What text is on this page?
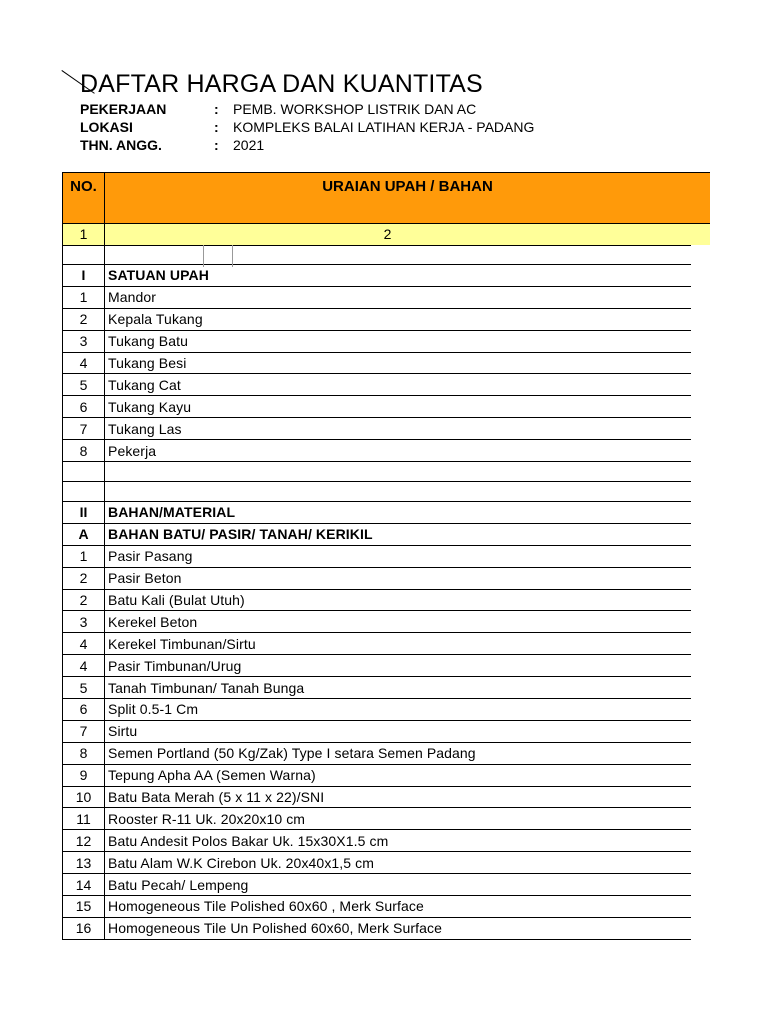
DAFTAR HARGA DAN KUANTITAS
PEKERJAAN	:	PEMB. WORKSHOP LISTRIK DAN AC
LOKASI	:	KOMPLEKS BALAI LATIHAN KERJA - PADANG
THN. ANGG.	:	2021
NO.	URAIAN UPAH / BAHAN
1	2
I	SATUAN UPAH
1	Mandor
2	Kepala Tukang
3	Tukang Batu
4	Tukang Besi
5	Tukang Cat
6	Tukang Kayu
7	Tukang Las
8	Pekerja
II	BAHAN/MATERIAL
A	BAHAN BATU/ PASIR/ TANAH/ KERIKIL
1	Pasir Pasang
2	Pasir Beton
2	Batu Kali (Bulat Utuh)
3	Kerekel Beton
4	Kerekel Timbunan/Sirtu
4	Pasir Timbunan/Urug
5	Tanah Timbunan/ Tanah Bunga
6	Split 0.5-1 Cm
7	Sirtu
8	Semen Portland (50 Kg/Zak) Type I setara Semen Padang
9	Tepung Apha AA (Semen Warna)
10	Batu Bata Merah (5 x 11 x 22)/SNI
11	Rooster R-11 Uk. 20x20x10 cm
12	Batu Andesit Polos Bakar Uk. 15x30X1.5 cm
13	Batu Alam W.K Cirebon Uk. 20x40x1,5 cm
14	Batu Pecah/ Lempeng
15	Homogeneous Tile Polished 60x60 , Merk Surface
16	Homogeneous Tile Un Polished 60x60, Merk Surface
